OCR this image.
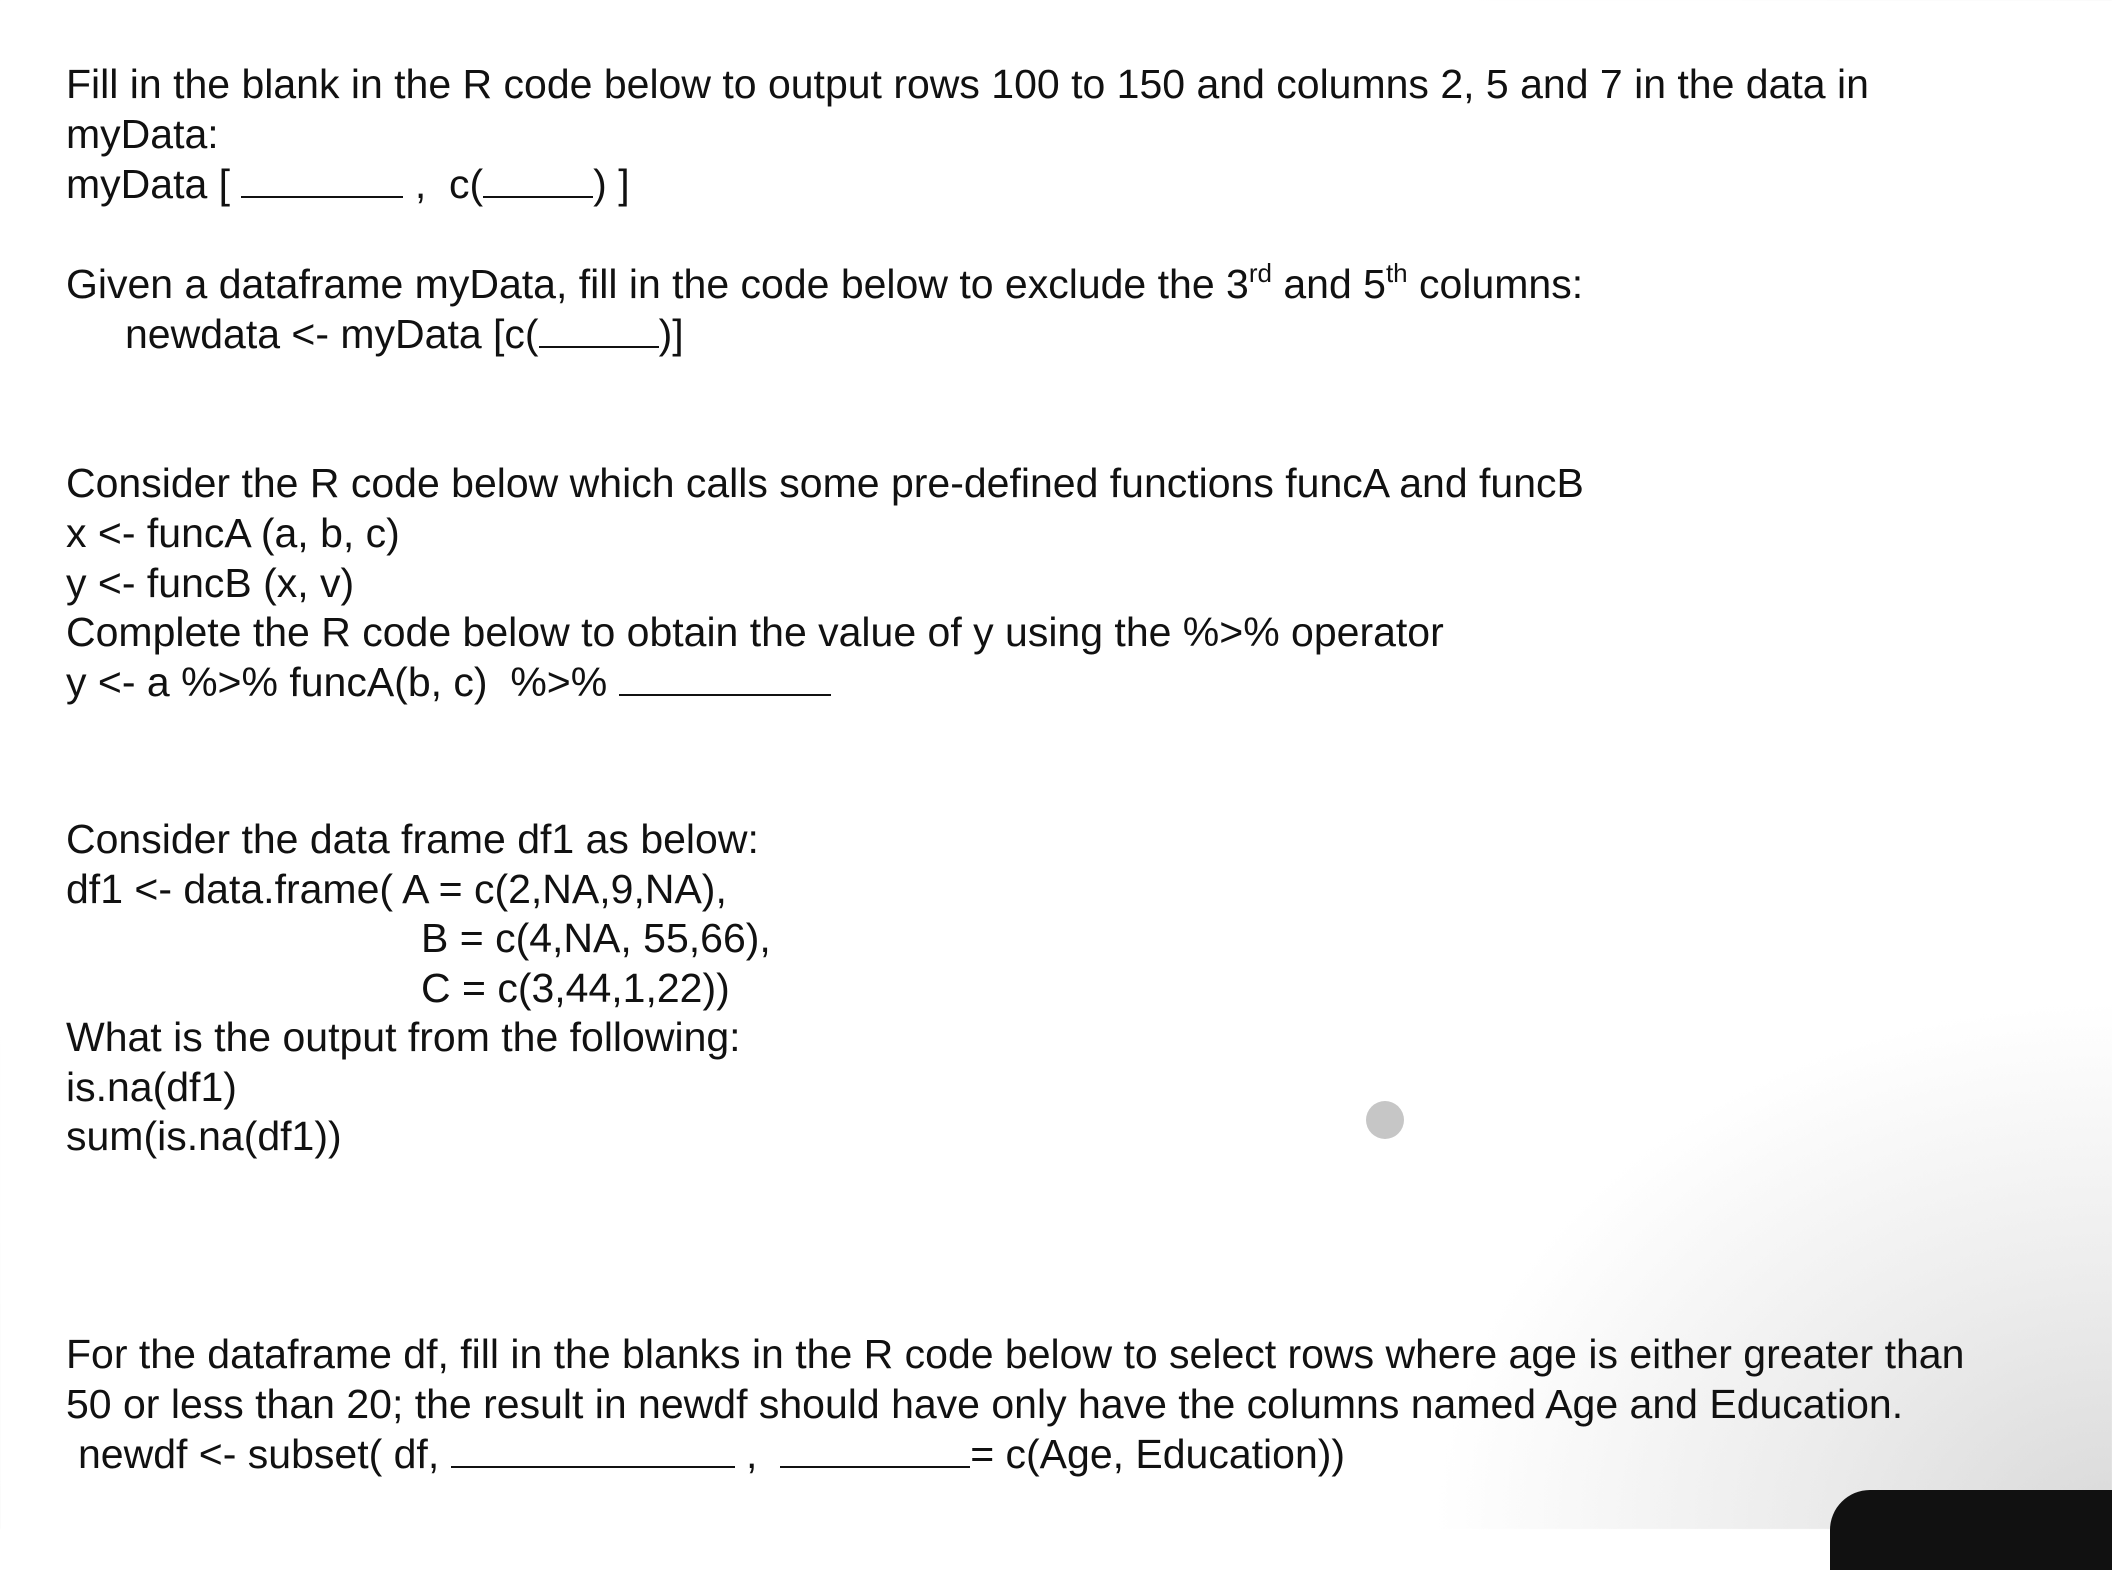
Fill in the blank in the R code below to output rows 100 to 150 and columns 2, 5 and 7 in the data in

myData:

myData [	,  c(	) ]

Given a dataframe myData, fill in the code below to exclude the 3rd and 5th columns:

newdata <- myData [c(	)]

Consider the R code below which calls some pre-defined functions funcA and funcB

x <- funcA (a, b, c)

y <- funcB (x, v)

Complete the R code below to obtain the value of y using the %>% operator

y <- a %>% funcA(b, c)  %>%

Consider the data frame df1 as below:

df1 <- data.frame( A = c(2,NA,9,NA),

B = c(4,NA, 55,66),

C = c(3,44,1,22))

What is the output from the following:

is.na(df1)

sum(is.na(df1))

For the dataframe df, fill in the blanks in the R code below to select rows where age is either greater than

50 or less than 20; the result in newdf should have only have the columns named Age and Education.

newdf <- subset( df,	,	= c(Age, Education))
